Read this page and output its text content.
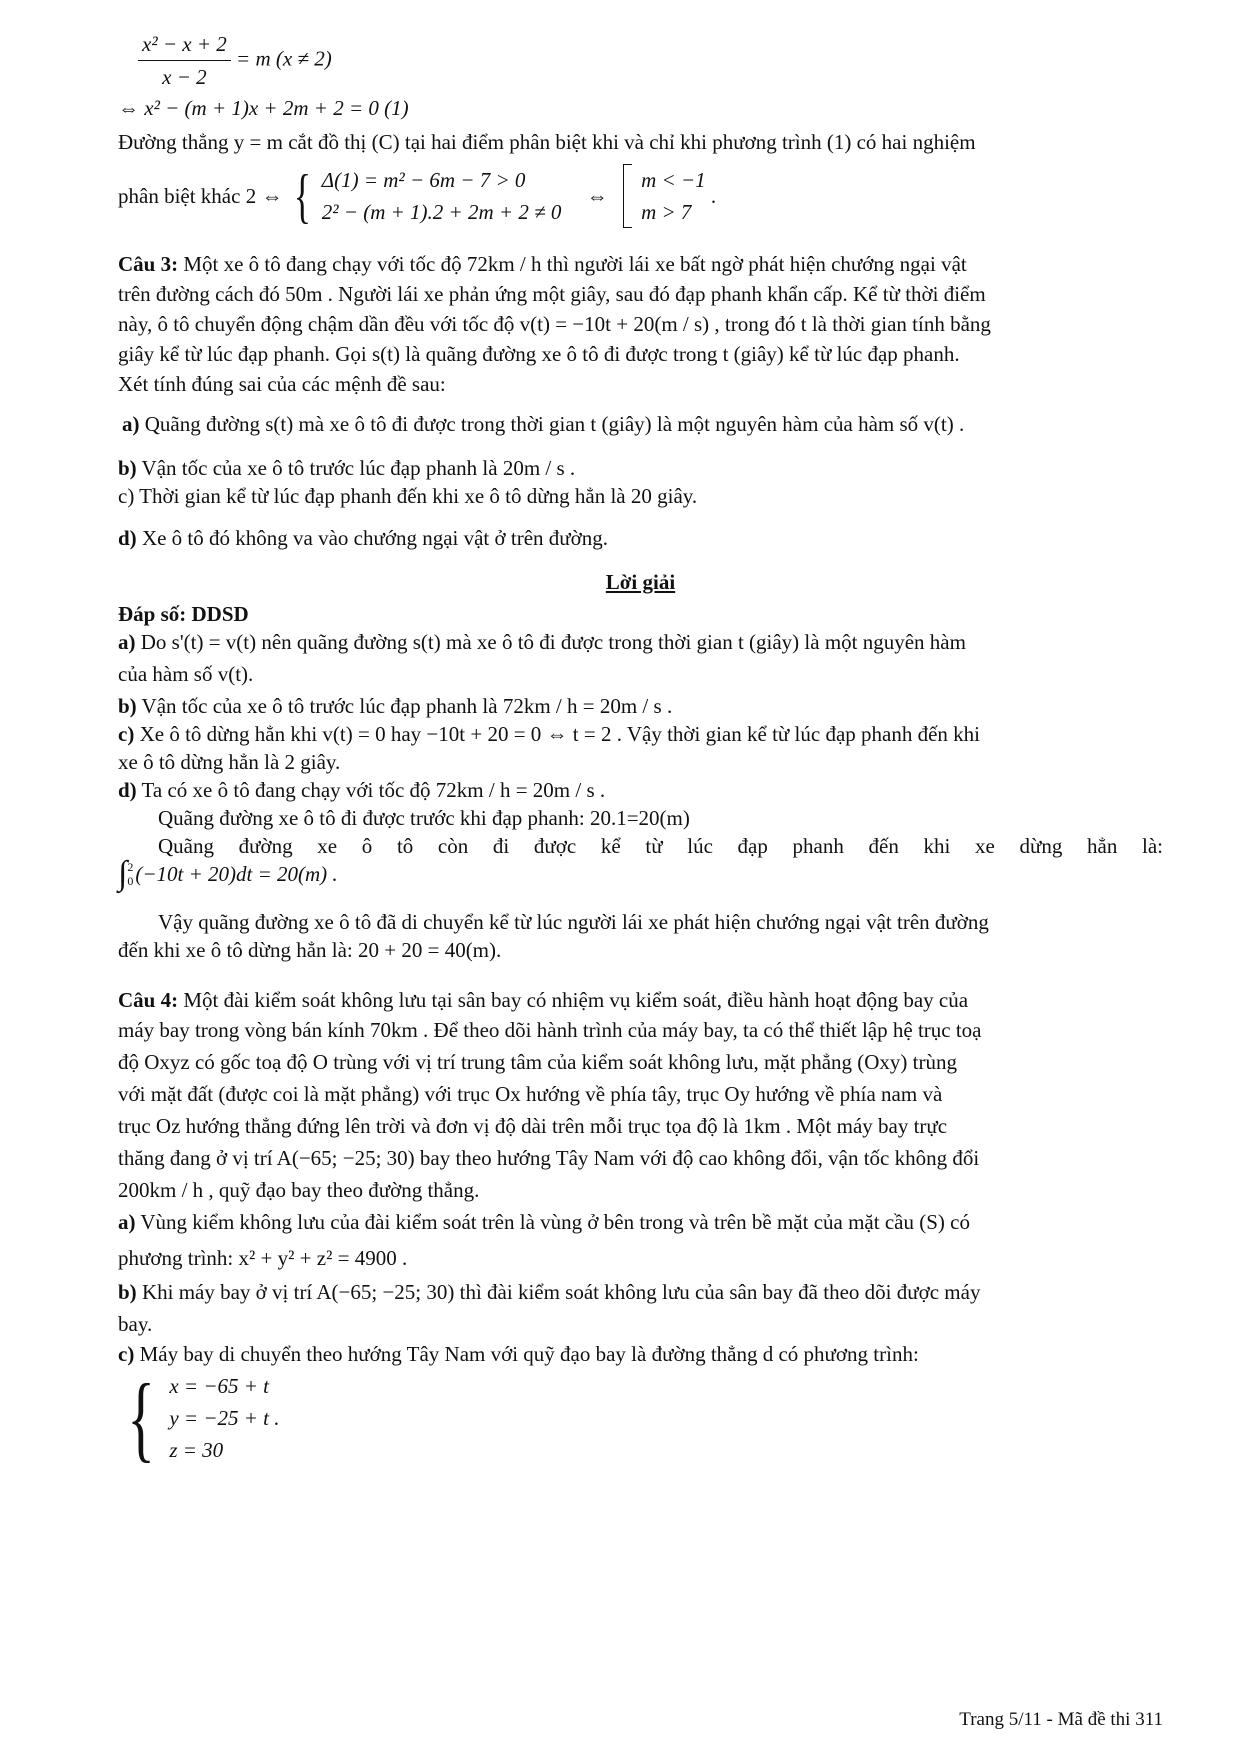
$\frac{\text{x² − x + 2}}{x - 2} = m$ (x ≠ 2)
⇔ x² − (m + 1)x + 2m + 2 = 0 (1)
Đường thẳng y = m cắt đồ thị (C) tại hai điểm phân biệt khi và chỉ khi phương trình (1) có hai nghiệm
phân biệt khác 2 ⇔ { Δ(1) = m² − 6m − 7 > 0
2² − (m + 1).2 + 2m + 2 ≠ 0
⇔
m < −1
m > 7
.
Câu 3: Một xe ô tô đang chạy với tốc độ 72km / h thì người lái xe bất ngờ phát hiện chướng ngại vật
trên đường cách đó 50m . Người lái xe phản ứng một giây, sau đó đạp phanh khẩn cấp. Kể từ thời điểm
này, ô tô chuyển động chậm dần đều với tốc độ v(t) = −10t + 20(m / s) , trong đó t là thời gian tính bằng
giây kể từ lúc đạp phanh. Gọi s(t) là quãng đường xe ô tô đi được trong t (giây) kể từ lúc đạp phanh.
Xét tính đúng sai của các mệnh đề sau:
a) Quãng đường s(t) mà xe ô tô đi được trong thời gian t (giây) là một nguyên hàm của hàm số v(t) .
b) Vận tốc của xe ô tô trước lúc đạp phanh là 20m / s .
c) Thời gian kể từ lúc đạp phanh đến khi xe ô tô dừng hẳn là 20 giây.
d) Xe ô tô đó không va vào chướng ngại vật ở trên đường.
Lời giải
Đáp số: DDSD
a) Do s'(t) = v(t) nên quãng đường s(t) mà xe ô tô đi được trong thời gian t (giây) là một nguyên hàm
của hàm số v(t).
b) Vận tốc của xe ô tô trước lúc đạp phanh là 72km / h = 20m / s .
c) Xe ô tô dừng hẳn khi v(t) = 0 hay −10t + 20 = 0 ⇔ t = 2 . Vậy thời gian kể từ lúc đạp phanh đến khi
xe ô tô dừng hẳn là 2 giây.
d) Ta có xe ô tô đang chạy với tốc độ 72km / h = 20m / s .
Quãng đường xe ô tô đi được trước khi đạp phanh: 20.1=20(m)
Quãng đường xe ô tô còn đi được kể từ lúc đạp phanh đến khi xe dừng hẳn là:
∫ 2
0 (−10t + 20)dt = 20(m) .
Vậy quãng đường xe ô tô đã di chuyển kể từ lúc người lái xe phát hiện chướng ngại vật trên đường
đến khi xe ô tô dừng hẳn là: 20 + 20 = 40(m).
Câu 4: Một đài kiểm soát không lưu tại sân bay có nhiệm vụ kiểm soát, điều hành hoạt động bay của
máy bay trong vòng bán kính 70km . Để theo dõi hành trình của máy bay, ta có thể thiết lập hệ trục toạ
độ Oxyz có gốc toạ độ O trùng với vị trí trung tâm của kiểm soát không lưu, mặt phẳng (Oxy) trùng
với mặt đất (được coi là mặt phẳng) với trục Ox hướng về phía tây, trục Oy hướng về phía nam và
trục Oz hướng thẳng đứng lên trời và đơn vị độ dài trên mỗi trục tọa độ là 1km . Một máy bay trực
thăng đang ở vị trí A(−65; −25; 30) bay theo hướng Tây Nam với độ cao không đổi, vận tốc không đổi
200km / h , quỹ đạo bay theo đường thẳng.
a) Vùng kiểm không lưu của đài kiểm soát trên là vùng ở bên trong và trên bề mặt của mặt cầu (S) có
phương trình: x² + y² + z² = 4900 .
b) Khi máy bay ở vị trí A(−65; −25; 30) thì đài kiểm soát không lưu của sân bay đã theo dõi được máy
bay.
c) Máy bay di chuyển theo hướng Tây Nam với quỹ đạo bay là đường thẳng d có phương trình:
{ x = −65 + t
y = −25 + t .
z = 30
Trang 5/11 - Mã đề thi 311
